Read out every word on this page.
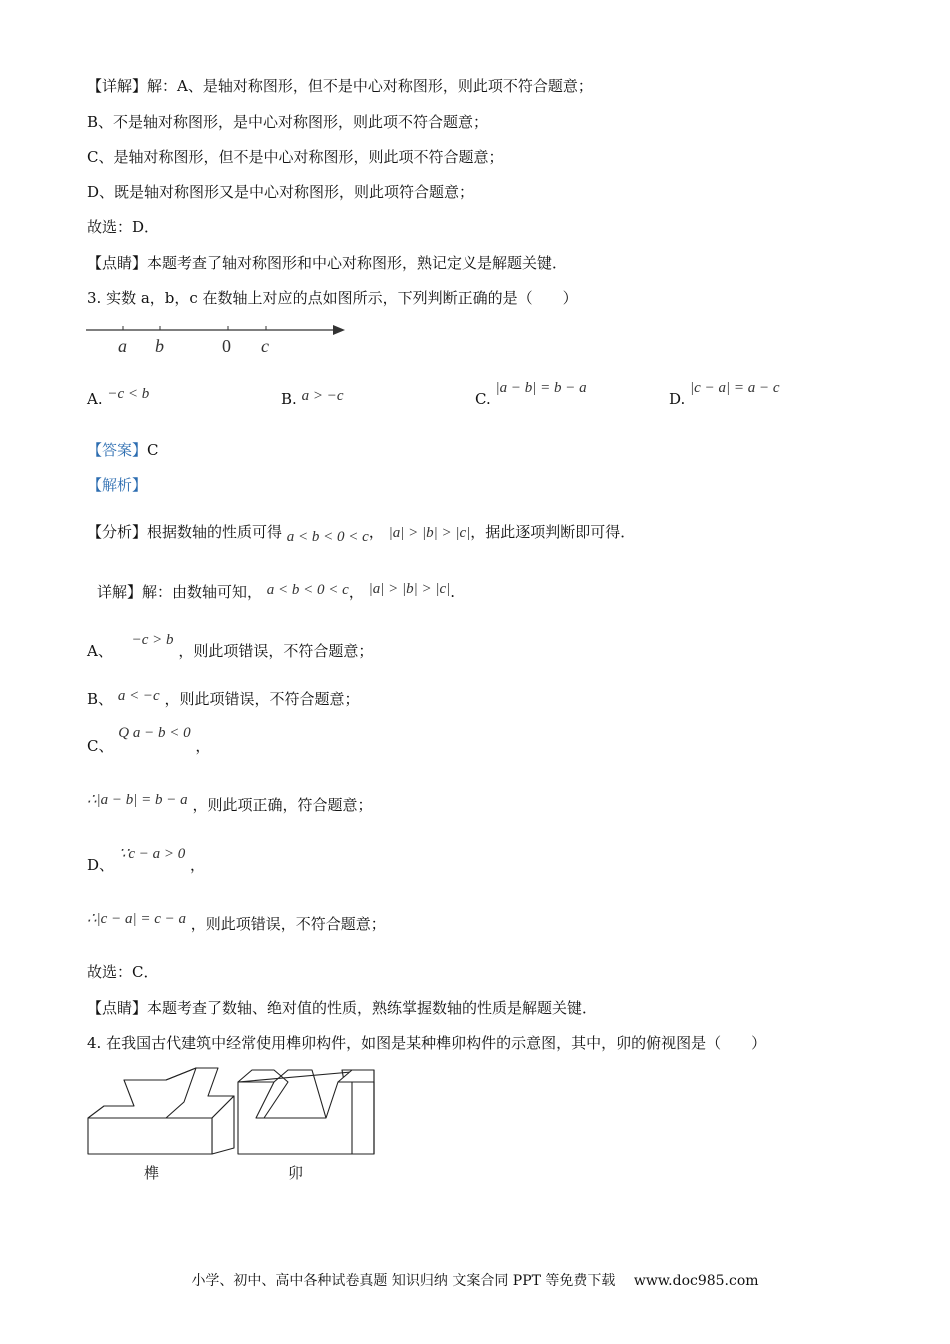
【详解】解：A、是轴对称图形，但不是中心对称图形，则此项不符合题意；
B、不是轴对称图形，是中心对称图形，则此项不符合题意；
C、是轴对称图形，但不是中心对称图形，则此项不符合题意；
D、既是轴对称图形又是中心对称图形，则此项符合题意；
故选：D．
【点睛】本题考查了轴对称图形和中心对称图形，熟记定义是解题关键．
3. 实数 a，b，c 在数轴上对应的点如图所示，下列判断正确的是（　　）
a b	0 c
A. −c < b	B. a > −c	C. |a − b| = b − a
D. |c − a| = a − c
【答案】C
【解析】
【分析】根据数轴的性质可得 a < b < 0 < c， |a| > |b| > |c|，据此逐项判断即可得．
详解】解：由数轴可知， a < b < 0 < c， |a| > |b| > |c|.
A、 −c > b ，则此项错误，不符合题意；
B、 a < −c ，则此项错误，不符合题意；
C、 Q a − b < 0 ，
∴|a − b| = b − a ，则此项正确，符合题意；
D、 ∵c − a > 0 ，
∴|c − a| = c − a ，则此项错误，不符合题意；
故选：C．
【点睛】本题考查了数轴、绝对值的性质，熟练掌握数轴的性质是解题关键．
4. 在我国古代建筑中经常使用榫卯构件，如图是某种榫卯构件的示意图，其中，卯的俯视图是（　　）
榫	卯
小学、初中、高中各种试卷真题 知识归纳 文案合同 PPT 等免费下载　 www.doc985.com
